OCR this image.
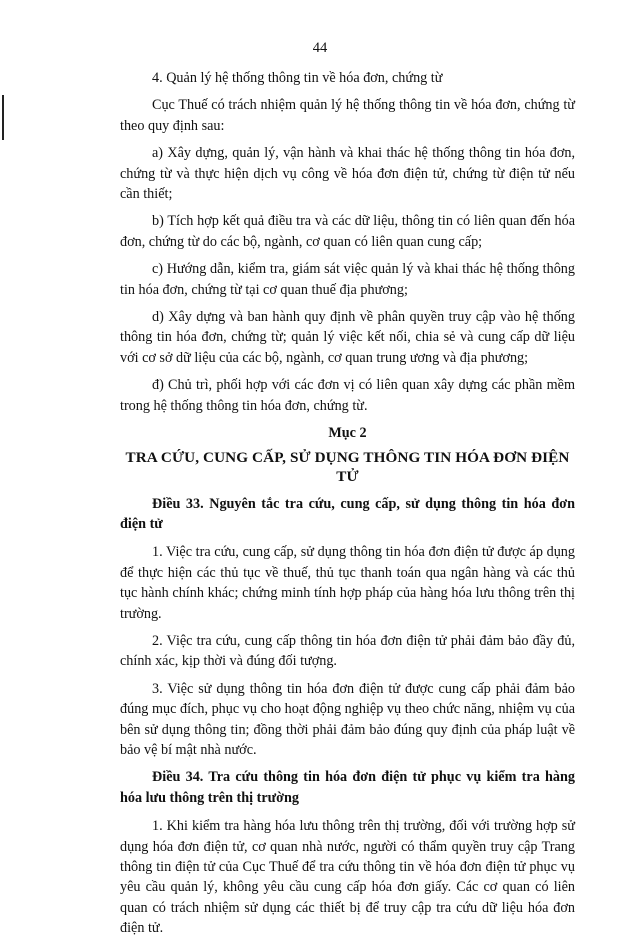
44

4. Quản lý hệ thống thông tin về hóa đơn, chứng từ

Cục Thuế có trách nhiệm quản lý hệ thống thông tin về hóa đơn, chứng từ theo quy định sau:

a) Xây dựng, quản lý, vận hành và khai thác hệ thống thông tin hóa đơn, chứng từ và thực hiện dịch vụ công về hóa đơn điện tử, chứng từ điện tử nếu cần thiết;

b) Tích hợp kết quả điều tra và các dữ liệu, thông tin có liên quan đến hóa đơn, chứng từ do các bộ, ngành, cơ quan có liên quan cung cấp;

c) Hướng dẫn, kiểm tra, giám sát việc quản lý và khai thác hệ thống thông tin hóa đơn, chứng từ tại cơ quan thuế địa phương;

d) Xây dựng và ban hành quy định về phân quyền truy cập vào hệ thống thông tin hóa đơn, chứng từ; quản lý việc kết nối, chia sẻ và cung cấp dữ liệu với cơ sở dữ liệu của các bộ, ngành, cơ quan trung ương và địa phương;

đ) Chủ trì, phối hợp với các đơn vị có liên quan xây dựng các phần mềm trong hệ thống thông tin hóa đơn, chứng từ.

Mục 2

TRA CỨU, CUNG CẤP, SỬ DỤNG THÔNG TIN HÓA ĐƠN ĐIỆN TỬ

Điều 33. Nguyên tắc tra cứu, cung cấp, sử dụng thông tin hóa đơn điện tử

1. Việc tra cứu, cung cấp, sử dụng thông tin hóa đơn điện tử được áp dụng để thực hiện các thủ tục về thuế, thủ tục thanh toán qua ngân hàng và các thủ tục hành chính khác; chứng minh tính hợp pháp của hàng hóa lưu thông trên thị trường.

2. Việc tra cứu, cung cấp thông tin hóa đơn điện tử phải đảm bảo đầy đủ, chính xác, kịp thời và đúng đối tượng.

3. Việc sử dụng thông tin hóa đơn điện tử được cung cấp phải đảm bảo đúng mục đích, phục vụ cho hoạt động nghiệp vụ theo chức năng, nhiệm vụ của bên sử dụng thông tin; đồng thời phải đảm bảo đúng quy định của pháp luật về bảo vệ bí mật nhà nước.

Điều 34. Tra cứu thông tin hóa đơn điện tử phục vụ kiểm tra hàng hóa lưu thông trên thị trường

1. Khi kiểm tra hàng hóa lưu thông trên thị trường, đối với trường hợp sử dụng hóa đơn điện tử, cơ quan nhà nước, người có thẩm quyền truy cập Trang thông tin điện tử của Cục Thuế để tra cứu thông tin về hóa đơn điện tử phục vụ yêu cầu quản lý, không yêu cầu cung cấp hóa đơn giấy. Các cơ quan có liên quan có trách nhiệm sử dụng các thiết bị để truy cập tra cứu dữ liệu hóa đơn điện tử.
